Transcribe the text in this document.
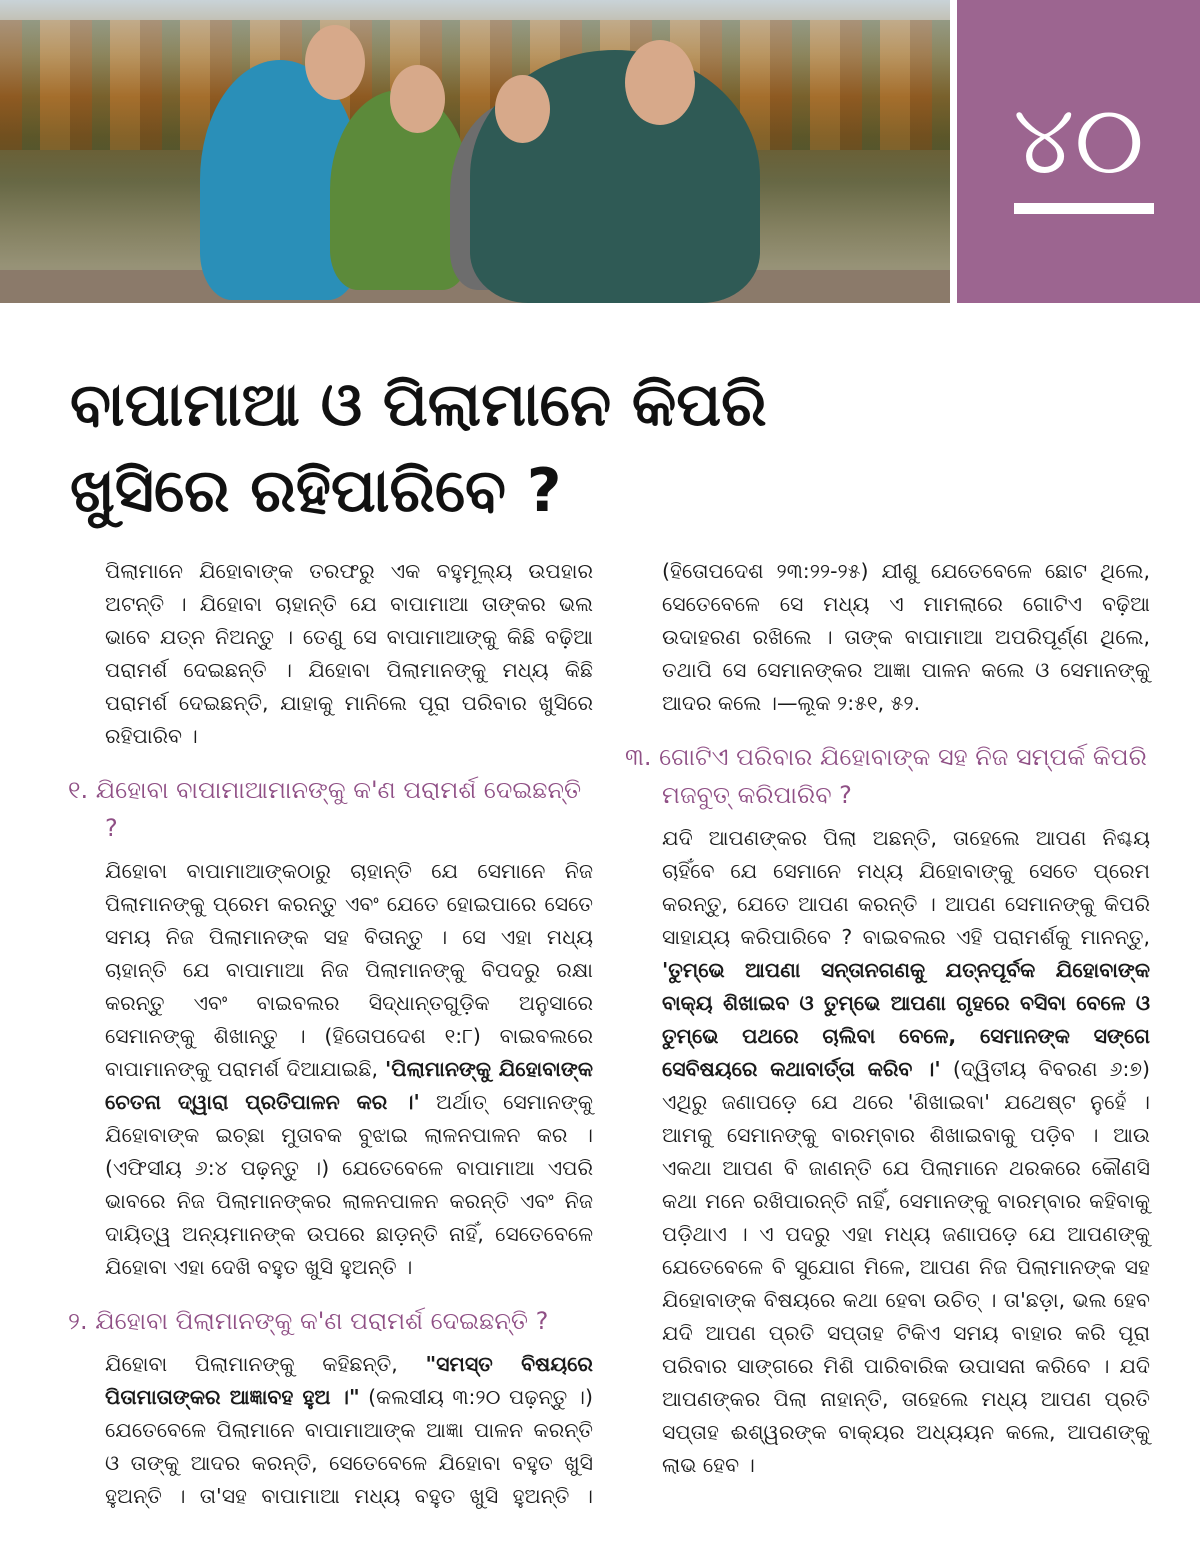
୪୦
ବାପାମାଆ ଓ ପିଲାମାନେ କିପରି ଖୁସିରେ ରହିପାରିବେ ?

ପିଲାମାନେ ଯିହୋବାଙ୍କ ତରଫରୁ ଏକ ବହୁମୂଲ୍ୟ ଉପହାର ଅଟନ୍ତି । ଯିହୋବା ଚାହାନ୍ତି ଯେ ବାପାମାଆ ତାଙ୍କର ଭଲ ଭାବେ ଯତ୍ନ ନିଅନ୍ତୁ । ତେଣୁ ସେ ବାପାମାଆଙ୍କୁ କିଛି ବଢ଼ିଆ ପରାମର୍ଶ ଦେଇଛନ୍ତି । ଯିହୋବା ପିଲାମାନଙ୍କୁ ମଧ୍ୟ କିଛି ପରାମର୍ଶ ଦେଇଛନ୍ତି, ଯାହାକୁ ମାନିଲେ ପୂରା ପରିବାର ଖୁସିରେ ରହିପାରିବ ।

୧. ଯିହୋବା ବାପାମାଆମାନଙ୍କୁ କ'ଣ ପରାମର୍ଶ ଦେଇଛନ୍ତି ?

ଯିହୋବା ବାପାମାଆଙ୍କଠାରୁ ଚାହାନ୍ତି ଯେ ସେମାନେ ନିଜ ପିଲାମାନଙ୍କୁ ପ୍ରେମ କରନ୍ତୁ ଏବଂ ଯେତେ ହୋଇପାରେ ସେତେ ସମୟ ନିଜ ପିଲାମାନଙ୍କ ସହ ବିତାନ୍ତୁ । ସେ ଏହା ମଧ୍ୟ ଚାହାନ୍ତି ଯେ ବାପାମାଆ ନିଜ ପିଲାମାନଙ୍କୁ ବିପଦରୁ ରକ୍ଷା କରନ୍ତୁ ଏବଂ ବାଇବଲର ସିଦ୍ଧାନ୍ତଗୁଡ଼ିକ ଅନୁସାରେ ସେମାନଙ୍କୁ ଶିଖାନ୍ତୁ । (ହିତୋପଦେଶ ୧:୮) ବାଇବଲରେ ବାପାମାନଙ୍କୁ ପରାମର୍ଶ ଦିଆଯାଇଛି, 'ପିଲାମାନଙ୍କୁ ଯିହୋବାଙ୍କ ଚେତନା ଦ୍ୱାରା ପ୍ରତିପାଳନ କର ।' ଅର୍ଥାତ୍ ସେମାନଙ୍କୁ ଯିହୋବାଙ୍କ ଇଚ୍ଛା ମୁତାବକ ବୁଝାଇ ଲାଳନପାଳନ କର । (ଏଫିସୀୟ ୬:୪ ପଢ଼ନ୍ତୁ ।) ଯେତେବେଳେ ବାପାମାଆ ଏପରି ଭାବରେ ନିଜ ପିଲାମାନଙ୍କର ଲାଳନପାଳନ କରନ୍ତି ଏବଂ ନିଜ ଦାୟିତ୍ୱ ଅନ୍ୟମାନଙ୍କ ଉପରେ ଛାଡ଼ନ୍ତି ନାହିଁ, ସେତେବେଳେ ଯିହୋବା ଏହା ଦେଖି ବହୁତ ଖୁସି ହୁଅନ୍ତି ।

୨. ଯିହୋବା ପିଲାମାନଙ୍କୁ କ'ଣ ପରାମର୍ଶ ଦେଇଛନ୍ତି ?

ଯିହୋବା ପିଲାମାନଙ୍କୁ କହିଛନ୍ତି, "ସମସ୍ତ ବିଷୟରେ ପିତାମାତାଙ୍କର ଆଜ୍ଞାବହ ହୁଅ ।" (କଲସୀୟ ୩:୨୦ ପଢ଼ନ୍ତୁ ।) ଯେତେବେଳେ ପିଲାମାନେ ବାପାମାଆଙ୍କ ଆଜ୍ଞା ପାଳନ କରନ୍ତି ଓ ତାଙ୍କୁ ଆଦର କରନ୍ତି, ସେତେବେଳେ ଯିହୋବା ବହୁତ ଖୁସି ହୁଅନ୍ତି । ତା'ସହ ବାପାମାଆ ମଧ୍ୟ ବହୁତ ଖୁସି ହୁଅନ୍ତି । (ହିତୋପଦେଶ ୨୩:୨୨-୨୫) ଯୀଶୁ ଯେତେବେଳେ ଛୋଟ ଥିଲେ, ସେତେବେଳେ ସେ ମଧ୍ୟ ଏ ମାମଲାରେ ଗୋଟିଏ ବଢ଼ିଆ ଉଦାହରଣ ରଖିଲେ । ତାଙ୍କ ବାପାମାଆ ଅପରିପୂର୍ଣ୍ଣ ଥିଲେ, ତଥାପି ସେ ସେମାନଙ୍କର ଆଜ୍ଞା ପାଳନ କଲେ ଓ ସେମାନଙ୍କୁ ଆଦର କଲେ ।—ଲୂକ ୨:୫୧, ୫୨.

୩. ଗୋଟିଏ ପରିବାର ଯିହୋବାଙ୍କ ସହ ନିଜ ସମ୍ପର୍କ କିପରି ମଜବୁତ୍ କରିପାରିବ ?

ଯଦି ଆପଣଙ୍କର ପିଲା ଅଛନ୍ତି, ତାହେଲେ ଆପଣ ନିଶ୍ଚୟ ଚାହିଁବେ ଯେ ସେମାନେ ମଧ୍ୟ ଯିହୋବାଙ୍କୁ ସେତେ ପ୍ରେମ କରନ୍ତୁ, ଯେତେ ଆପଣ କରନ୍ତି । ଆପଣ ସେମାନଙ୍କୁ କିପରି ସାହାଯ୍ୟ କରିପାରିବେ ? ବାଇବଲର ଏହି ପରାମର୍ଶକୁ ମାନନ୍ତୁ, 'ତୁମ୍ଭେ ଆପଣା ସନ୍ତାନଗଣକୁ ଯତ୍ନପୂର୍ବକ ଯିହୋବାଙ୍କ ବାକ୍ୟ ଶିଖାଇବ ଓ ତୁମ୍ଭେ ଆପଣା ଗୃହରେ ବସିବା ବେଳେ ଓ ତୁମ୍ଭେ ପଥରେ ଚାଲିବା ବେଳେ, ସେମାନଙ୍କ ସଙ୍ଗେ ସେବିଷୟରେ କଥାବାର୍ତ୍ତା କରିବ ।' (ଦ୍ୱିତୀୟ ବିବରଣ ୬:୭) ଏଥିରୁ ଜଣାପଡ଼େ ଯେ ଥରେ 'ଶିଖାଇବା' ଯଥେଷ୍ଟ ନୁହେଁ । ଆମକୁ ସେମାନଙ୍କୁ ବାରମ୍ବାର ଶିଖାଇବାକୁ ପଡ଼ିବ । ଆଉ ଏକଥା ଆପଣ ବି ଜାଣନ୍ତି ଯେ ପିଲାମାନେ ଥରକରେ କୌଣସି କଥା ମନେ ରଖିପାରନ୍ତି ନାହିଁ, ସେମାନଙ୍କୁ ବାରମ୍ବାର କହିବାକୁ ପଡ଼ିଥାଏ । ଏ ପଦରୁ ଏହା ମଧ୍ୟ ଜଣାପଡ଼େ ଯେ ଆପଣଙ୍କୁ ଯେତେବେଳେ ବି ସୁଯୋଗ ମିଳେ, ଆପଣ ନିଜ ପିଲାମାନଙ୍କ ସହ ଯିହୋବାଙ୍କ ବିଷୟରେ କଥା ହେବା ଉଚିତ୍ । ତା'ଛଡ଼ା, ଭଲ ହେବ ଯଦି ଆପଣ ପ୍ରତି ସପ୍ତାହ ଟିକିଏ ସମୟ ବାହାର କରି ପୂରା ପରିବାର ସାଙ୍ଗରେ ମିଶି ପାରିବାରିକ ଉପାସନା କରିବେ । ଯଦି ଆପଣଙ୍କର ପିଲା ନାହାନ୍ତି, ତାହେଲେ ମଧ୍ୟ ଆପଣ ପ୍ରତି ସପ୍ତାହ ଈଶ୍ୱରଙ୍କ ବାକ୍ୟର ଅଧ୍ୟୟନ କଲେ, ଆପଣଙ୍କୁ ଲାଭ ହେବ ।
